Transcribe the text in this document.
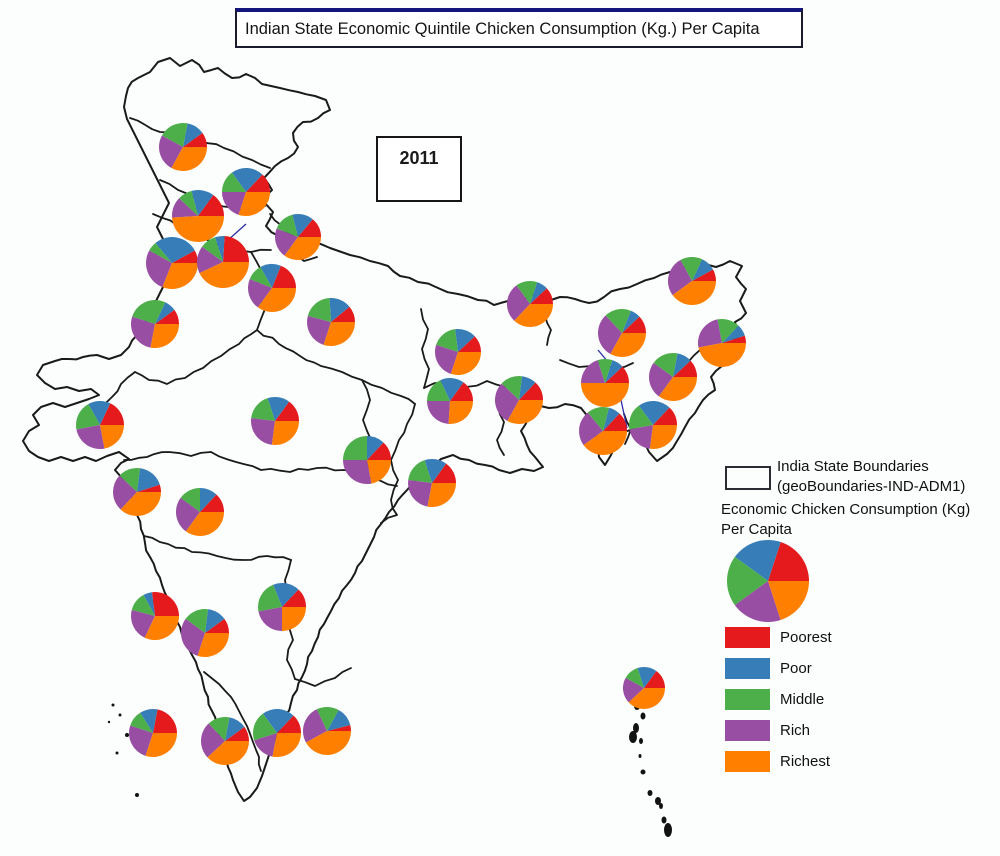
Indian State Economic Quintile Chicken Consumption (Kg.) Per Capita
2011
India State Boundaries
(geoBoundaries-IND-ADM1)
Economic Chicken Consumption (Kg)
Per Capita
Poorest
Poor
Middle
Rich
Richest
